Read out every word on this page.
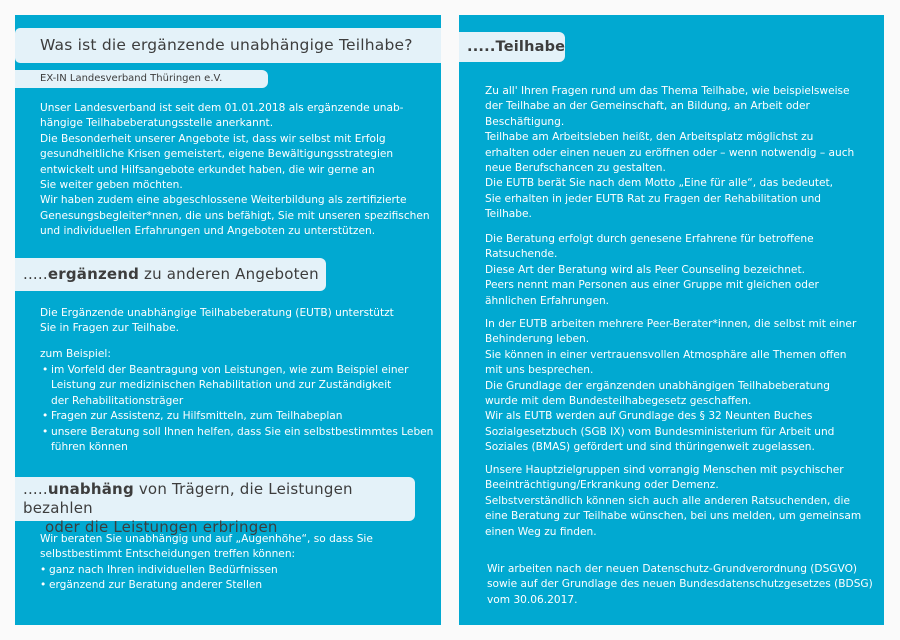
Was ist die ergänzende unabhängige Teilhabe?
EX-IN Landesverband Thüringen e.V.
Unser Landesverband ist seit dem 01.01.2018 als ergänzende unab-
hängige Teilhabeberatungsstelle anerkannt.
Die Besonderheit unserer Angebote ist, dass wir selbst mit Erfolg
gesundheitliche Krisen gemeistert, eigene Bewältigungsstrategien
entwickelt und Hilfsangebote erkundet haben, die wir gerne an
Sie weiter geben möchten.
Wir haben zudem eine abgeschlossene Weiterbildung als zertifizierte
Genesungsbegleiter*nnen, die uns befähigt, Sie mit unseren spezifischen
und individuellen Erfahrungen und Angeboten zu unterstützen.
.....ergänzend zu anderen Angeboten
Die Ergänzende unabhängige Teilhabeberatung (EUTB) unterstützt
Sie in Fragen zur Teilhabe.
zum Beispiel:
• im Vorfeld der Beantragung von Leistungen, wie zum Beispiel einer
Leistung zur medizinischen Rehabilitation und zur Zuständigkeit
der Rehabilitationsträger
• Fragen zur Assistenz, zu Hilfsmitteln, zum Teilhabeplan
• unsere Beratung soll Ihnen helfen, dass Sie ein selbstbestimmtes Leben
führen können
.....unabhäng von Trägern, die Leistungen bezahlen
oder die Leistungen erbringen
Wir beraten Sie unabhängig und auf „Augenhöhe“, so dass Sie
selbstbestimmt Entscheidungen treffen können:
• ganz nach Ihren individuellen Bedürfnissen
• ergänzend zur Beratung anderer Stellen
.....Teilhabe
Zu all' Ihren Fragen rund um das Thema Teilhabe, wie beispielsweise
der Teilhabe an der Gemeinschaft, an Bildung, an Arbeit oder
Beschäftigung.
Teilhabe am Arbeitsleben heißt, den Arbeitsplatz möglichst zu
erhalten oder einen neuen zu eröffnen oder – wenn notwendig – auch
neue Berufschancen zu gestalten.
Die EUTB berät Sie nach dem Motto „Eine für alle“, das bedeutet,
Sie erhalten in jeder EUTB Rat zu Fragen der Rehabilitation und
Teilhabe.
Die Beratung erfolgt durch genesene Erfahrene für betroffene
Ratsuchende.
Diese Art der Beratung wird als Peer Counseling bezeichnet.
Peers nennt man Personen aus einer Gruppe mit gleichen oder
ähnlichen Erfahrungen.
In der EUTB arbeiten mehrere Peer-Berater*innen, die selbst mit einer
Behinderung leben.
Sie können in einer vertrauensvollen Atmosphäre alle Themen offen
mit uns besprechen.
Die Grundlage der ergänzenden unabhängigen Teilhabeberatung
wurde mit dem Bundesteilhabegesetz geschaffen.
Wir als EUTB werden auf Grundlage des § 32 Neunten Buches
Sozialgesetzbuch (SGB IX) vom Bundesministerium für Arbeit und
Soziales (BMAS) gefördert und sind thüringenweit zugelassen.
Unsere Hauptzielgruppen sind vorrangig Menschen mit psychischer
Beeinträchtigung/Erkrankung oder Demenz.
Selbstverständlich können sich auch alle anderen Ratsuchenden, die
eine Beratung zur Teilhabe wünschen, bei uns melden, um gemeinsam
einen Weg zu finden.
Wir arbeiten nach der neuen Datenschutz-Grundverordnung (DSGVO)
sowie auf der Grundlage des neuen Bundesdatenschutzgesetzes (BDSG)
vom 30.06.2017.
